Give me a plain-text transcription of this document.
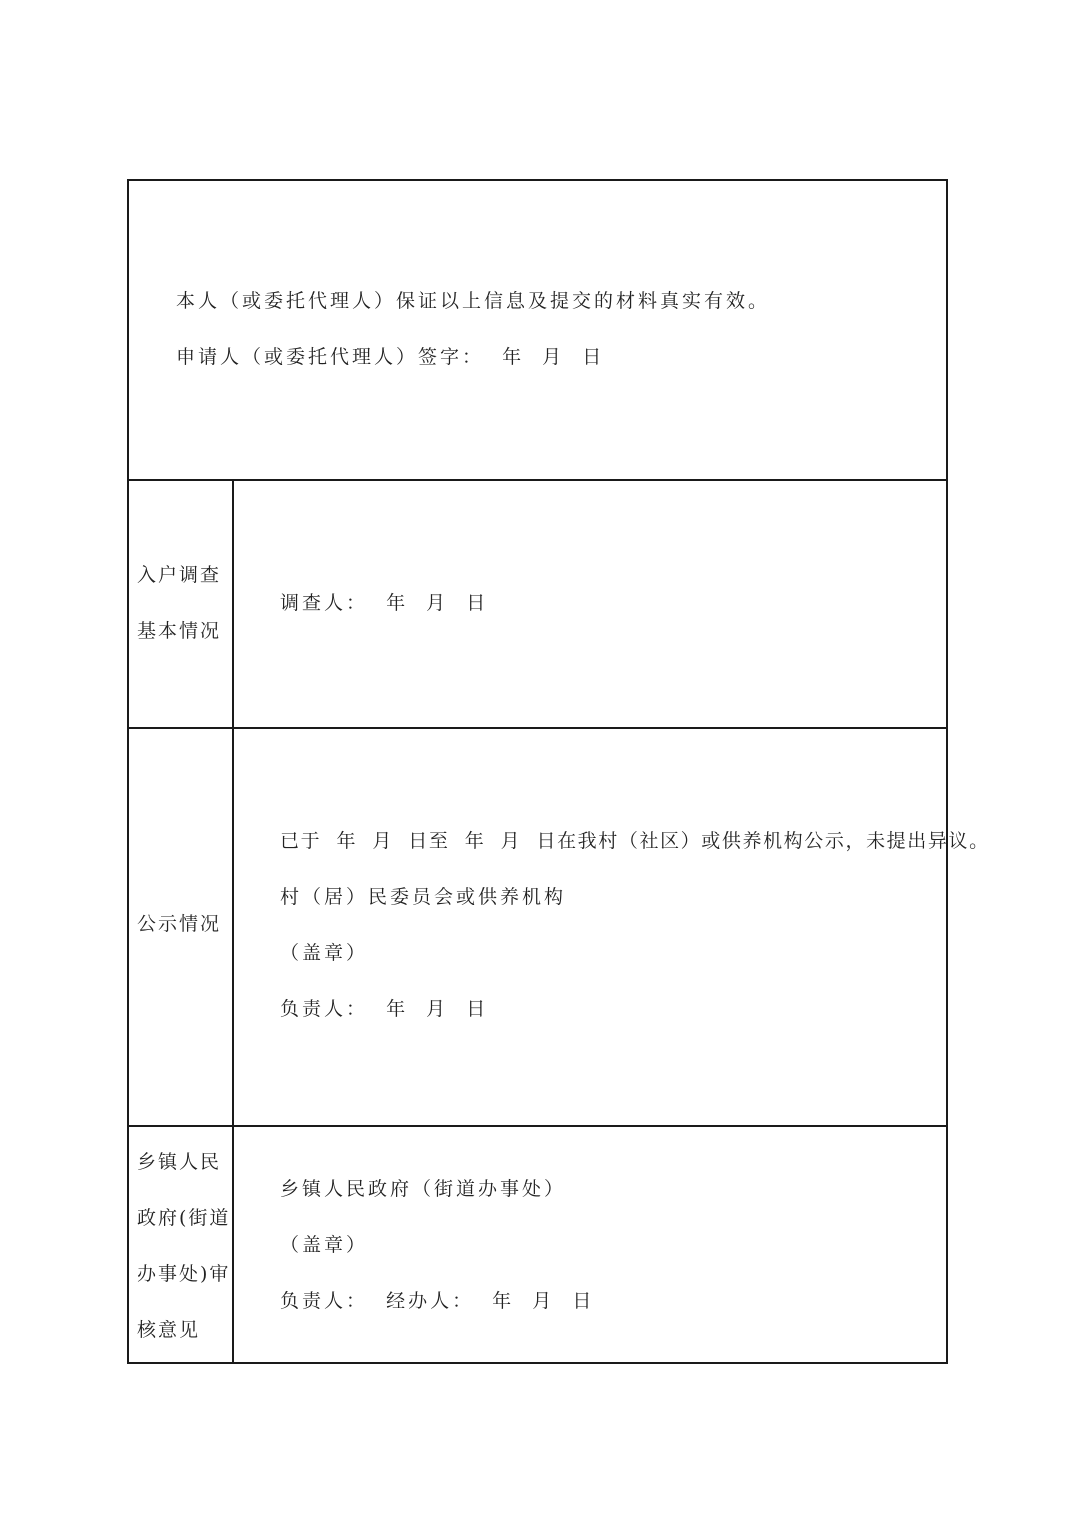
本人（或委托代理人）保证以上信息及提交的材料真实有效。
申请人（或委托代理人）签字：  年  月  日
入户调查
基本情况
调查人：  年  月  日
公示情况
已于  年  月  日至  年  月  日在我村（社区）或供养机构公示，未提出异议。
村（居）民委员会或供养机构
（盖章）
负责人：  年  月  日
乡镇人民
政府(街道
办事处)审
核意见
乡镇人民政府（街道办事处）
（盖章）
负责人：  经办人：  年  月  日
